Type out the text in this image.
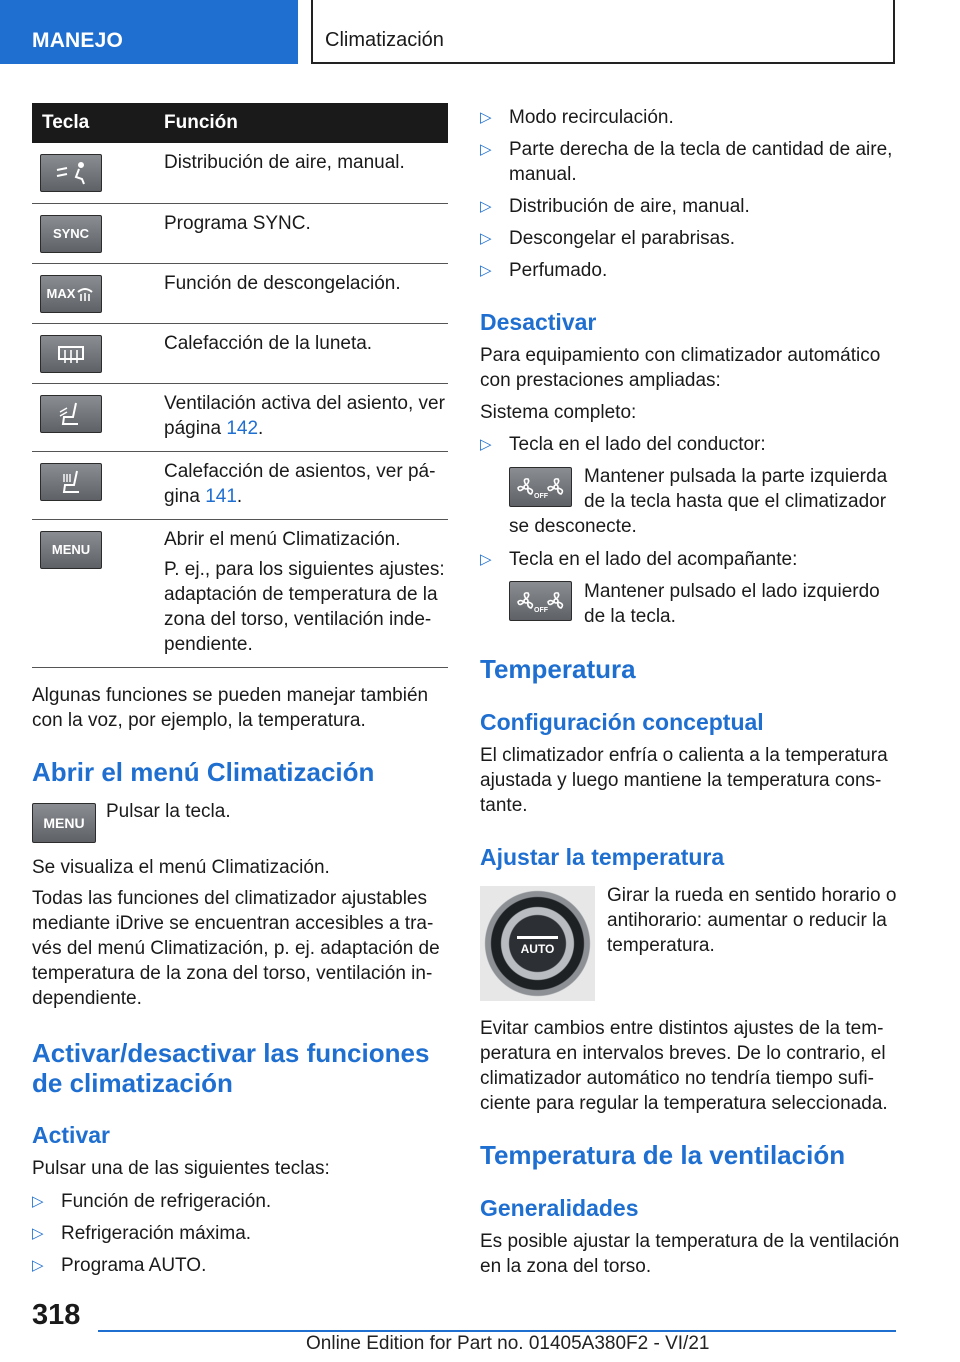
MANEJO	Climatización
Tecla	Función

	Distribución de aire, manual.

SYNC	Programa SYNC.

MAX	Función de descongelación.

	Calefacción de la luneta.

	Ventilación activa del asiento, ver página 142.

	Calefacción de asientos, ver pá-gina 141.

MENU	Abrir el menú Climatización.
P. ej., para los siguientes ajustes: adaptación de temperatura de la zona del torso, ventilación inde-pendiente.
Algunas funciones se pueden manejar también con la voz, por ejemplo, la temperatura.
Abrir el menú Climatización
MENU
Pulsar la tecla.
Se visualiza el menú Climatización.
Todas las funciones del climatizador ajustables mediante iDrive se encuentran accesibles a tra-vés del menú Climatización, p. ej. adaptación de temperatura de la zona del torso, ventilación in-dependiente.
Activar/desactivar las funciones de climatización
Activar
Pulsar una de las siguientes teclas:
▷ Función de refrigeración.
▷ Refrigeración máxima.
▷ Programa AUTO.
▷ Modo recirculación.
▷ Parte derecha de la tecla de cantidad de aire, manual.
▷ Distribución de aire, manual.
▷ Descongelar el parabrisas.
▷ Perfumado.
Desactivar
Para equipamiento con climatizador automático con prestaciones ampliadas:
Sistema completo:
▷ Tecla en el lado del conductor:
OFF
Mantener pulsada la parte izquierda de la tecla hasta que el climatizador
se desconecte.
▷ Tecla en el lado del acompañante:
OFF
Mantener pulsado el lado izquierdo de la tecla.
Temperatura
Configuración conceptual
El climatizador enfría o calienta a la temperatura ajustada y luego mantiene la temperatura cons-tante.
Ajustar la temperatura
AUTO
Girar la rueda en sentido horario o antihorario: aumentar o reducir la temperatura.
Evitar cambios entre distintos ajustes de la tem-peratura en intervalos breves. De lo contrario, el climatizador automático no tendría tiempo sufi-ciente para regular la temperatura seleccionada.
Temperatura de la ventilación
Generalidades
Es posible ajustar la temperatura de la ventilación en la zona del torso.
318
Online Edition for Part no. 01405A380F2 - VI/21
